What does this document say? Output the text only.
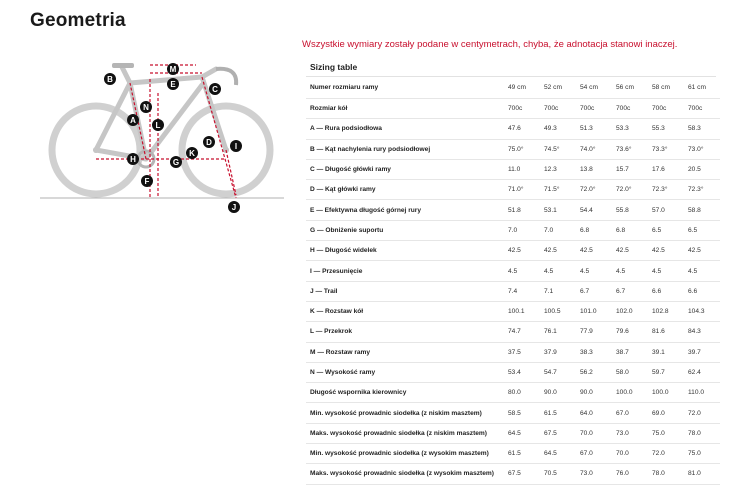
Geometria
Wszystkie wymiary zostały podane w centymetrach, chyba, że adnotacja stanowi inaczej.
A
B
C
D
E
F
G
H
I
J
K
L
M
N
Sizing table
Numer rozmiaru ramy	49 cm	52 cm	54 cm	56 cm	58 cm	61 cm
Rozmiar kół	700c	700c	700c	700c	700c	700c
A — Rura podsiodłowa	47.6	49.3	51.3	53.3	55.3	58.3
B — Kąt nachylenia rury podsiodłowej	75.0°	74.5°	74.0°	73.6°	73.3°	73.0°
C — Długość główki ramy	11.0	12.3	13.8	15.7	17.6	20.5
D — Kąt główki ramy	71.0°	71.5°	72.0°	72.0°	72.3°	72.3°
E — Efektywna długość górnej rury	51.8	53.1	54.4	55.8	57.0	58.8
G — Obniżenie suportu	7.0	7.0	6.8	6.8	6.5	6.5
H — Długość widelek	42.5	42.5	42.5	42.5	42.5	42.5
I — Przesunięcie	4.5	4.5	4.5	4.5	4.5	4.5
J — Trail	7.4	7.1	6.7	6.7	6.6	6.6
K — Rozstaw kół	100.1	100.5	101.0	102.0	102.8	104.3
L — Przekrok	74.7	76.1	77.9	79.6	81.6	84.3
M — Rozstaw ramy	37.5	37.9	38.3	38.7	39.1	39.7
N — Wysokość ramy	53.4	54.7	56.2	58.0	59.7	62.4
Długość wspornika kierownicy	80.0	90.0	90.0	100.0	100.0	110.0
Min. wysokość prowadnic siodełka (z niskim masztem)	58.5	61.5	64.0	67.0	69.0	72.0
Maks. wysokość prowadnic siodełka (z niskim masztem)	64.5	67.5	70.0	73.0	75.0	78.0
Min. wysokość prowadnic siodełka (z wysokim masztem)	61.5	64.5	67.0	70.0	72.0	75.0
Maks. wysokość prowadnic siodełka (z wysokim masztem)	67.5	70.5	73.0	76.0	78.0	81.0
